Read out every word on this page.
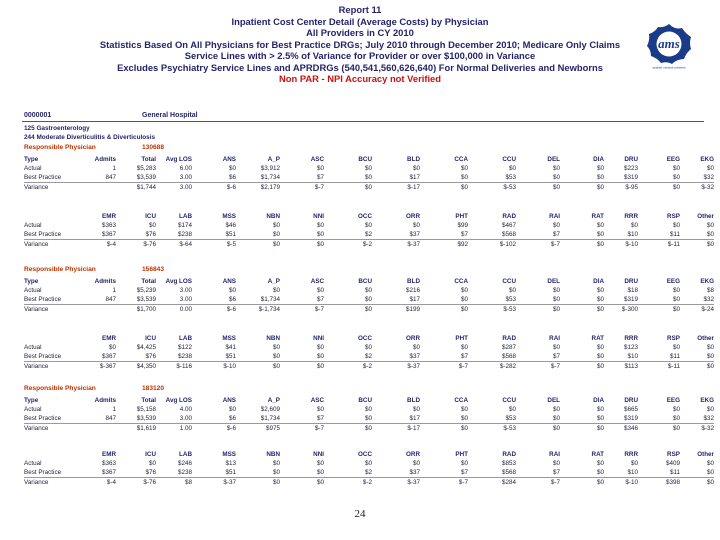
Report 11
Inpatient Cost Center Detail (Average Costs) by Physician
All Providers in CY 2010
Statistics Based On All Physicians for Best Practice DRGs; July 2010 through December 2010; Medicare Only Claims
Service Lines with > 2.5% of Variance for Provider or over $100,000 in Variance
Excludes Psychiatry Service Lines and APRDRGs (540,541,560,626,640) For Normal Deliveries and Newborns
Non PAR - NPI Accuracy not Verified
ams
applied medical software
0000001	General Hospital
125 Gastroenterology
244 Moderate Diverticulitis & Diverticulosis
Responsible Physician	130688
Type	Admits	Total	Avg LOS	ANS	A_P	ASC	BCU	BLD	CCA	CCU	DEL	DIA	DRU	EEG	EKG
Actual	1	$5,283	6.00	$0	$3,912	$0	$0	$0	$0	$0	$0	$0	$223	$0	$0
Best Practice	847	$3,539	3.00	$6	$1,734	$7	$0	$17	$0	$53	$0	$0	$319	$0	$32
Variance		$1,744	3.00	$-6	$2,179	$-7	$0	$-17	$0	$-53	$0	$0	$-95	$0	$-32
	EMR	ICU	LAB	MSS	NBN	NNI	OCC	ORR	PHT	RAD	RAI	RAT	RRR	RSP	Other
Actual	$363	$0	$174	$46	$0	$0	$0	$0	$99	$467	$0	$0	$0	$0	$0
Best Practice	$367	$76	$238	$51	$0	$0	$2	$37	$7	$568	$7	$0	$10	$11	$0
Variance	$-4	$-76	$-64	$-5	$0	$0	$-2	$-37	$92	$-102	$-7	$0	$-10	$-11	$0
Responsible Physician	156843
Type	Admits	Total	Avg LOS	ANS	A_P	ASC	BCU	BLD	CCA	CCU	DEL	DIA	DRU	EEG	EKG
Actual	1	$5,239	3.00	$0	$0	$0	$0	$216	$0	$0	$0	$0	$18	$0	$8
Best Practice	847	$3,539	3.00	$6	$1,734	$7	$0	$17	$0	$53	$0	$0	$319	$0	$32
Variance		$1,700	0.00	$-6	$-1,734	$-7	$0	$199	$0	$-53	$0	$0	$-300	$0	$-24
	EMR	ICU	LAB	MSS	NBN	NNI	OCC	ORR	PHT	RAD	RAI	RAT	RRR	RSP	Other
Actual	$0	$4,425	$122	$41	$0	$0	$0	$0	$0	$287	$0	$0	$123	$0	$0
Best Practice	$367	$76	$238	$51	$0	$0	$2	$37	$7	$568	$7	$0	$10	$11	$0
Variance	$-367	$4,350	$-116	$-10	$0	$0	$-2	$-37	$-7	$-282	$-7	$0	$113	$-11	$0
Responsible Physician	183120
Type	Admits	Total	Avg LOS	ANS	A_P	ASC	BCU	BLD	CCA	CCU	DEL	DIA	DRU	EEG	EKG
Actual	1	$5,158	4.00	$0	$2,609	$0	$0	$0	$0	$0	$0	$0	$665	$0	$0
Best Practice	847	$3,539	3.00	$6	$1,734	$7	$0	$17	$0	$53	$0	$0	$319	$0	$32
Variance		$1,619	1.00	$-6	$975	$-7	$0	$-17	$0	$-53	$0	$0	$346	$0	$-32
	EMR	ICU	LAB	MSS	NBN	NNI	OCC	ORR	PHT	RAD	RAI	RAT	RRR	RSP	Other
Actual	$363	$0	$246	$13	$0	$0	$0	$0	$0	$853	$0	$0	$0	$409	$0
Best Practice	$367	$76	$238	$51	$0	$0	$2	$37	$7	$568	$7	$0	$10	$11	$0
Variance	$-4	$-76	$8	$-37	$0	$0	$-2	$-37	$-7	$284	$-7	$0	$-10	$398	$0
24
